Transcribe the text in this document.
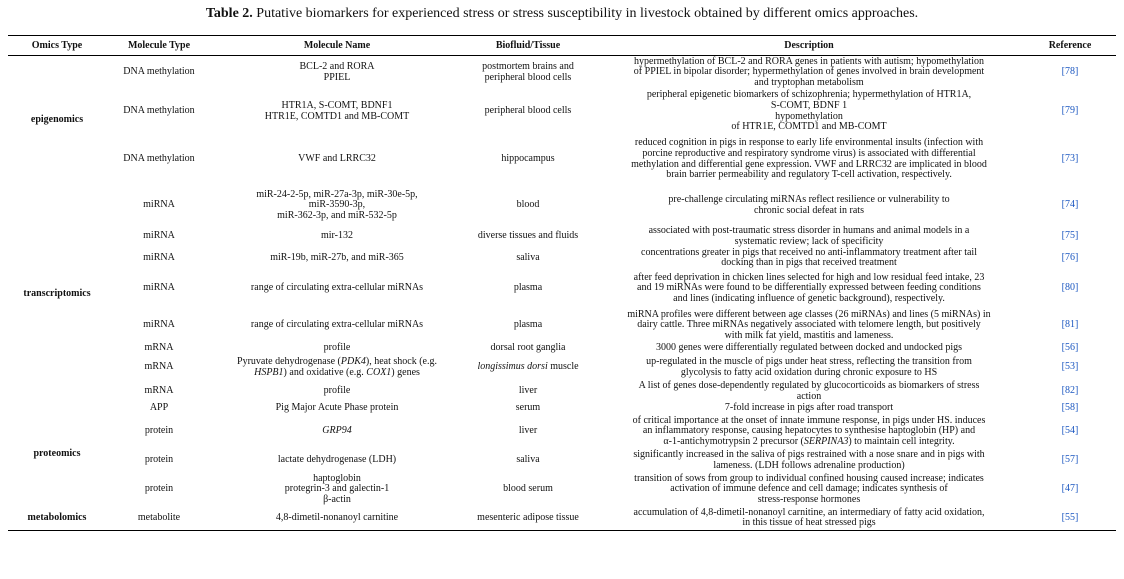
Table 2. Putative biomarkers for experienced stress or stress susceptibility in livestock obtained by different omics approaches.
Omics Type	Molecule Type	Molecule Name	Biofluid/Tissue	Description	Reference
epigenomics	DNA methylation	BCL-2 and RORA
PPIEL	postmortem brains and
peripheral blood cells	hypermethylation of BCL-2 and RORA genes in patients with autism; hypomethylation
of PPIEL in bipolar disorder; hypermethylation of genes involved in brain development
and tryptophan metabolism	[78]
	DNA methylation	HTR1A, S-COMT, BDNF1
HTR1E, COMTD1 and MB-COMT	peripheral blood cells	peripheral epigenetic biomarkers of schizophrenia; hypermethylation of HTR1A,
S-COMT, BDNF 1
hypomethylation
of HTR1E, COMTD1 and MB-COMT	[79]
	DNA methylation	VWF and LRRC32	hippocampus	reduced cognition in pigs in response to early life environmental insults (infection with
porcine reproductive and respiratory syndrome virus) is associated with differential
methylation and differential gene expression. VWF and LRRC32 are implicated in blood
brain barrier permeability and regulatory T-cell activation, respectively.	[73]
transcriptomics	miRNA	miR-24-2-5p, miR-27a-3p, miR-30e-5p,
miR-3590-3p,
miR-362-3p, and miR-532-5p	blood	pre-challenge circulating miRNAs reflect resilience or vulnerability to
chronic social defeat in rats	[74]
	miRNA	mir-132	diverse tissues and fluids	associated with post-traumatic stress disorder in humans and animal models in a
systematic review; lack of specificity	[75]
	miRNA	miR-19b, miR-27b, and miR-365	saliva	concentrations greater in pigs that received no anti-inflammatory treatment after tail
docking than in pigs that received treatment	[76]
	miRNA	range of circulating extra-cellular miRNAs	plasma	after feed deprivation in chicken lines selected for high and low residual feed intake, 23
and 19 miRNAs were found to be differentially expressed between feeding conditions
and lines (indicating influence of genetic background), respectively.	[80]
	miRNA	range of circulating extra-cellular miRNAs	plasma	miRNA profiles were different between age classes (26 miRNAs) and lines (5 miRNAs) in
dairy cattle. Three miRNAs negatively associated with telomere length, but positively
with milk fat yield, mastitis and lameness.	[81]
	mRNA	profile	dorsal root ganglia	3000 genes were differentially regulated between docked and undocked pigs	[56]
	mRNA	Pyruvate dehydrogenase (PDK4), heat shock (e.g.
HSPB1) and oxidative (e.g. COX1) genes	longissimus dorsi muscle	up-regulated in the muscle of pigs under heat stress, reflecting the transition from
glycolysis to fatty acid oxidation during chronic exposure to HS	[53]
	mRNA	profile	liver	A list of genes dose-dependently regulated by glucocorticoids as biomarkers of stress
action	[82]
proteomics	APP	Pig Major Acute Phase protein	serum	7-fold increase in pigs after road transport	[58]
	protein	GRP94	liver	of critical importance at the onset of innate immune response, in pigs under HS. induces
an inflammatory response, causing hepatocytes to synthesise haptoglobin (HP) and
α-1-antichymotrypsin 2 precursor (SERPINA3) to maintain cell integrity.	[54]
	protein	lactate dehydrogenase (LDH)	saliva	significantly increased in the saliva of pigs restrained with a nose snare and in pigs with
lameness. (LDH follows adrenaline production)	[57]
	protein	haptoglobin
protegrin-3 and galectin-1
β-actin	blood serum	transition of sows from group to individual confined housing caused increase; indicates
activation of immune defence and cell damage; indicates synthesis of
stress-response hormones	[47]
metabolomics	metabolite	4,8-dimetil-nonanoyl carnitine	mesenteric adipose tissue	accumulation of 4,8-dimetil-nonanoyl carnitine, an intermediary of fatty acid oxidation,
in this tissue of heat stressed pigs	[55]
